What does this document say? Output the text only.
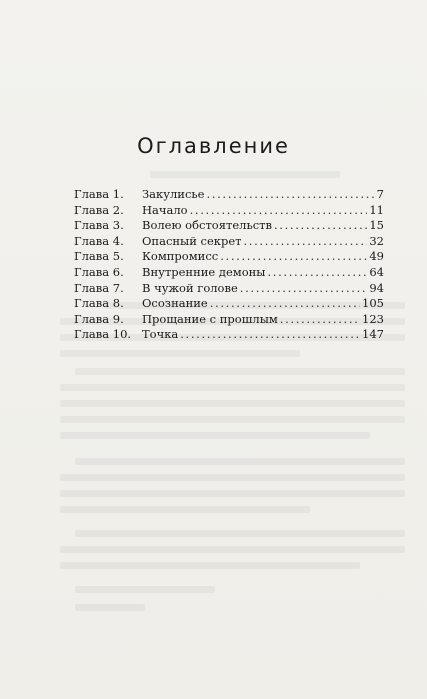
Оглавление
Глава 1.	Закулисье . . .	7
Глава 2.	Начало . . .	11
Глава 3.	Волею обстоятельств . . .	15
Глава 4.	Опасный секрет . . .	32
Глава 5.	Компромисс . . .	49
Глава 6.	Внутренние демоны . . .	64
Глава 7.	В чужой голове . . .	94
Глава 8.	Осознание . . .	105
Глава 9.	Прощание с прошлым . . .	123
Глава 10. Точка . . .	147
